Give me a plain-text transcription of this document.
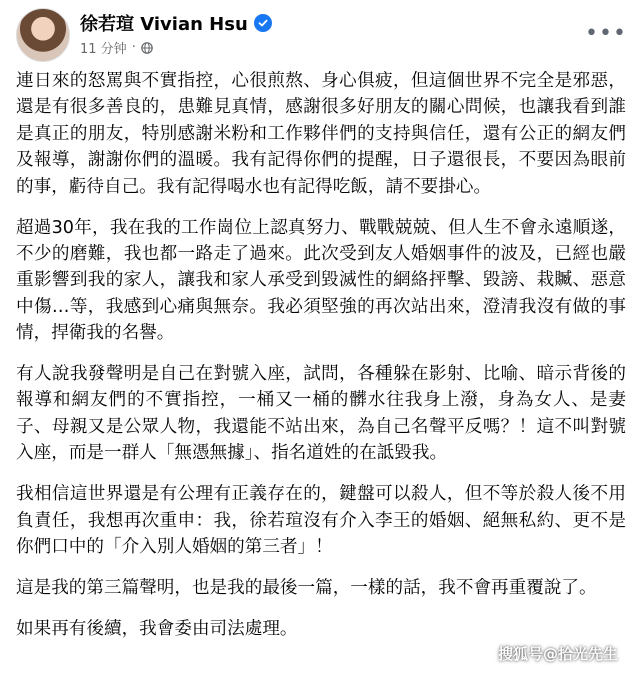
徐若瑄 Vivian Hsu
11 分钟 ·
•••

連日來的怒罵與不實指控，心很煎熬、身心俱疲，但這個世界不完全是邪惡，還是有很多善良的，患難見真情，感謝很多好朋友的關心問候，也讓我看到誰是真正的朋友，特別感謝米粉和工作夥伴們的支持與信任，還有公正的網友們及報導，謝謝你們的溫暖。我有記得你們的提醒，日子還很長，不要因為眼前的事，虧待自己。我有記得喝水也有記得吃飯，請不要掛心。

超過30年，我在我的工作崗位上認真努力、戰戰兢兢、但人生不會永遠順遂，不少的磨難，我也都一路走了過來。此次受到友人婚姻事件的波及，已經也嚴重影響到我的家人，讓我和家人承受到毀滅性的網絡抨擊、毀謗、栽贓、惡意中傷…等，我感到心痛與無奈。我必須堅強的再次站出來，澄清我沒有做的事情，捍衛我的名譽。

有人說我發聲明是自己在對號入座，試問，各種躲在影射、比喻、暗示背後的報導和網友們的不實指控，一桶又一桶的髒水往我身上潑，身為女人、是妻子、母親又是公眾人物，我還能不站出來，為自己名聲平反嗎？！這不叫對號入座，而是一群人「無憑無據」、指名道姓的在詆毀我。

我相信這世界還是有公理有正義存在的，鍵盤可以殺人，但不等於殺人後不用負責任，我想再次重申：我，徐若瑄沒有介入李王的婚姻、絕無私約、更不是你們口中的「介入別人婚姻的第三者」！

這是我的第三篇聲明，也是我的最後一篇，一樣的話，我不會再重覆說了。

如果再有後續，我會委由司法處理。

搜狐号@拾光先生
